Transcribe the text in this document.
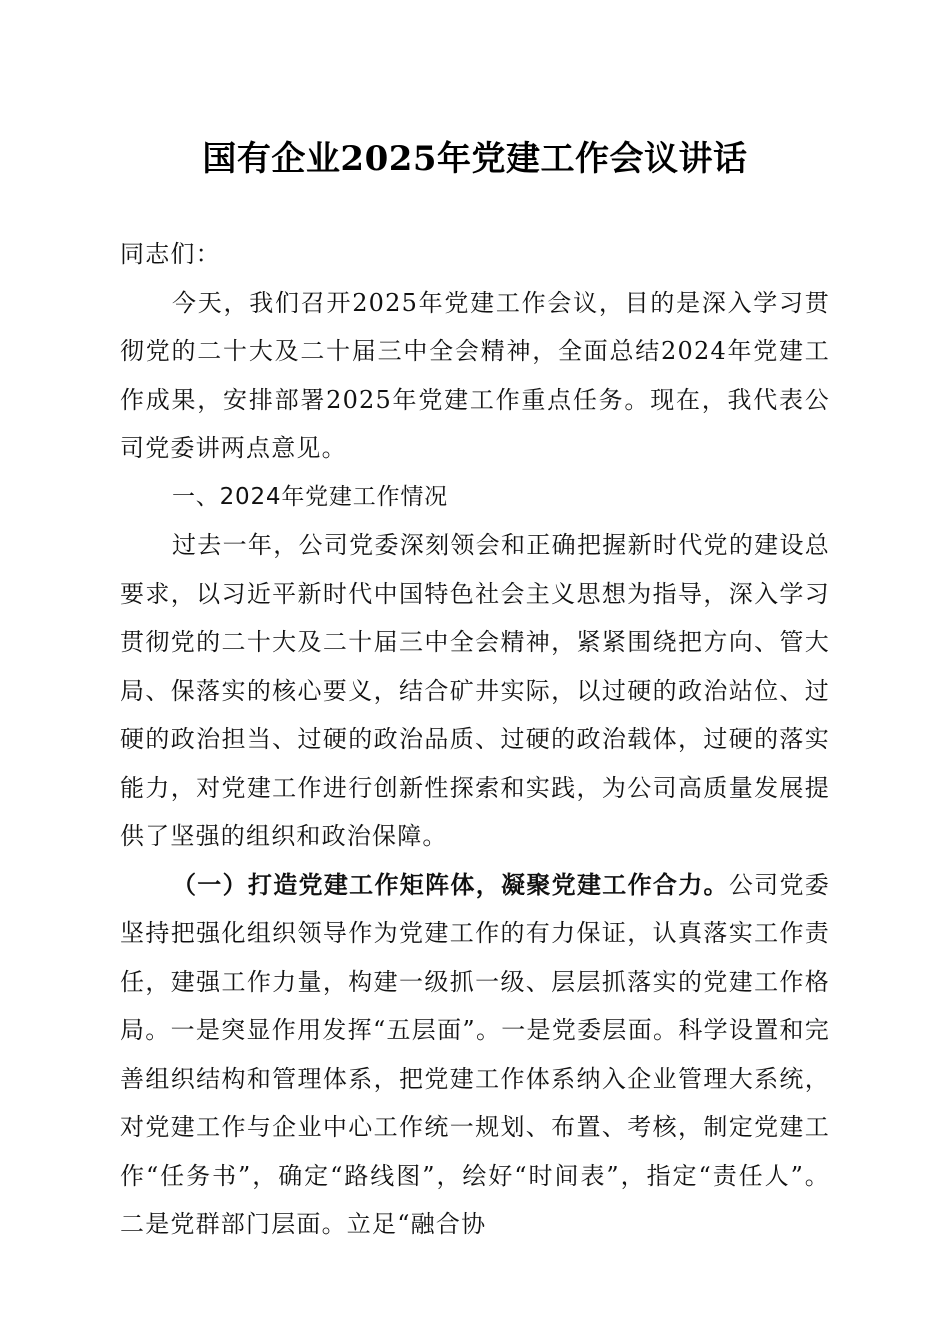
国有企业2025年党建工作会议讲话

同志们：

今天，我们召开2025年党建工作会议，目的是深入学习贯彻党的二十大及二十届三中全会精神，全面总结2024年党建工作成果，安排部署2025年党建工作重点任务。现在，我代表公司党委讲两点意见。

一、2024年党建工作情况

过去一年，公司党委深刻领会和正确把握新时代党的建设总要求，以习近平新时代中国特色社会主义思想为指导，深入学习贯彻党的二十大及二十届三中全会精神，紧紧围绕把方向、管大局、保落实的核心要义，结合矿井实际，以过硬的政治站位、过硬的政治担当、过硬的政治品质、过硬的政治载体，过硬的落实能力，对党建工作进行创新性探索和实践，为公司高质量发展提供了坚强的组织和政治保障。

（一）打造党建工作矩阵体，凝聚党建工作合力。公司党委坚持把强化组织领导作为党建工作的有力保证，认真落实工作责任，建强工作力量，构建一级抓一级、层层抓落实的党建工作格局。一是突显作用发挥“五层面”。一是党委层面。科学设置和完善组织结构和管理体系，把党建工作体系纳入企业管理大系统，对党建工作与企业中心工作统一规划、布置、考核，制定党建工作“任务书”，确定“路线图”，绘好“时间表”，指定“责任人”。二是党群部门层面。立足“融合协
